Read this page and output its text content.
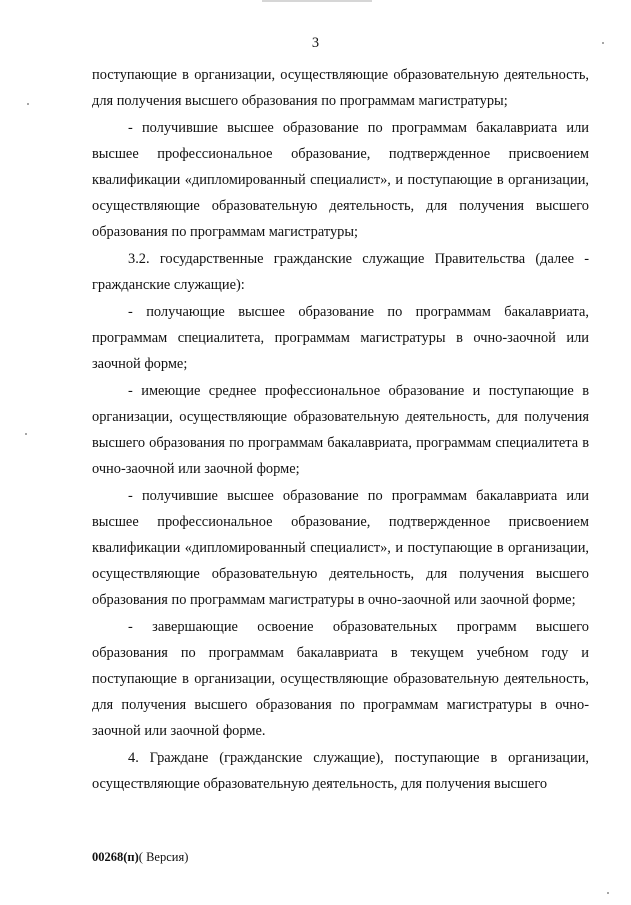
3

поступающие в организации, осуществляющие образовательную деятельность, для получения высшего образования по программам магистратуры;

- получившие высшее образование по программам бакалавриата или высшее профессиональное образование, подтвержденное присвоением квалификации «дипломированный специалист», и поступающие в организации, осуществляющие образовательную деятельность, для получения высшего образования по программам магистратуры;

3.2. государственные гражданские служащие Правительства (далее - гражданские служащие):

- получающие высшее образование по программам бакалавриата, программам специалитета, программам магистратуры в очно-заочной или заочной форме;

- имеющие среднее профессиональное образование и поступающие в организации, осуществляющие образовательную деятельность, для получения высшего образования по программам бакалавриата, программам специалитета в очно-заочной или заочной форме;

- получившие высшее образование по программам бакалавриата или высшее профессиональное образование, подтвержденное присвоением квалификации «дипломированный специалист», и поступающие в организации, осуществляющие образовательную деятельность, для получения высшего образования по программам магистратуры в очно-заочной или заочной форме;

- завершающие освоение образовательных программ высшего образования по программам бакалавриата в текущем учебном году и поступающие в организации, осуществляющие образовательную деятельность, для получения высшего образования по программам магистратуры в очно-заочной или заочной форме.

4. Граждане (гражданские служащие), поступающие в организации, осуществляющие образовательную деятельность, для получения высшего

00268(п)( Версия)
